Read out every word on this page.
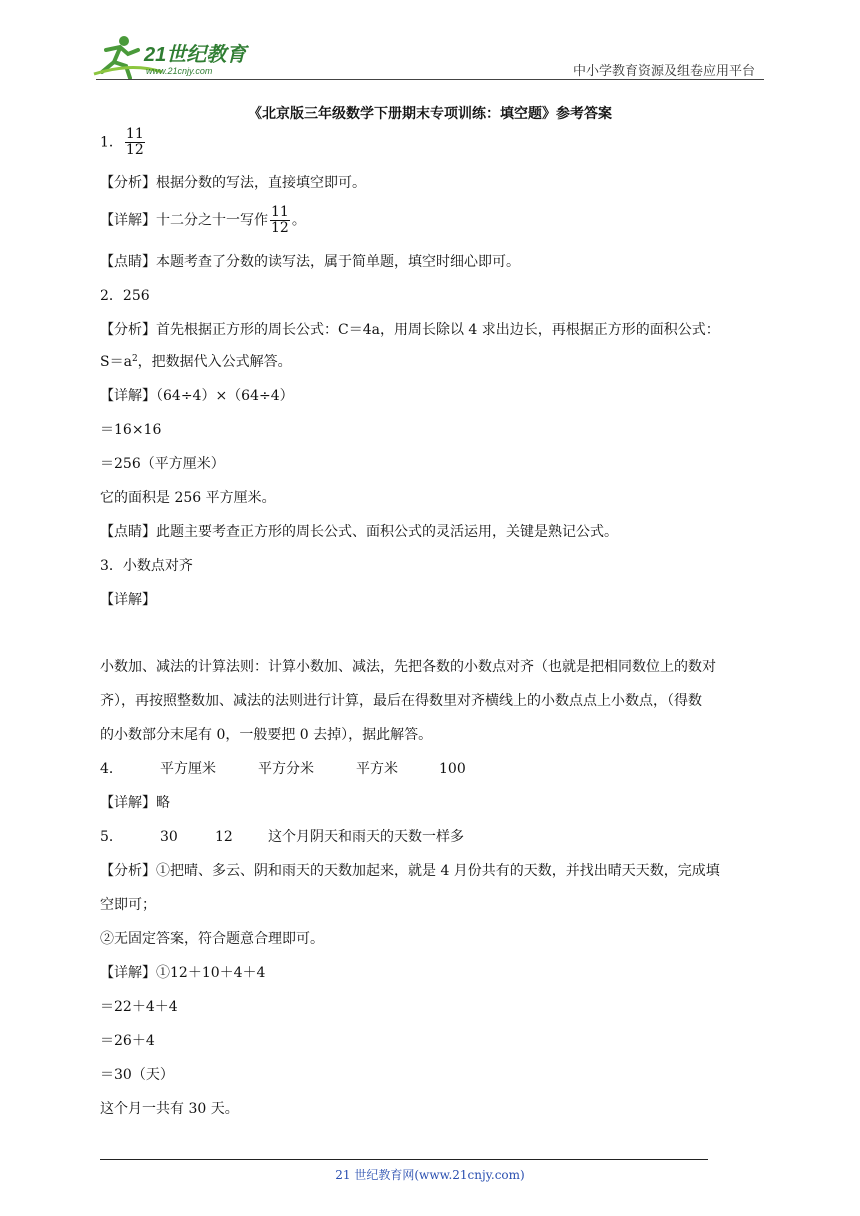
21世纪教育
www.21cnjy.com	中小学教育资源及组卷应用平台
《北京版三年级数学下册期末专项训练：填空题》参考答案
1． $\frac{11}{12}$
【分析】根据分数的写法，直接填空即可。
【详解】十二分之十一写作 $\frac{11}{12}$ 。
【点睛】本题考查了分数的读写法，属于简单题，填空时细心即可。
2．256
【分析】首先根据正方形的周长公式：C＝4a，用周长除以 4 求出边长，再根据正方形的面积公式：
$S=a^2$，把数据代入公式解答。
【详解】（64÷4）×（64÷4）
＝16×16
＝256（平方厘米）
它的面积是 256 平方厘米。
【点睛】此题主要考查正方形的周长公式、面积公式的灵活运用，关键是熟记公式。
3．小数点对齐
【详解】
小数加、减法的计算法则：计算小数加、减法，先把各数的小数点对齐（也就是把相同数位上的数对
齐），再按照整数加、减法的法则进行计算，最后在得数里对齐横线上的小数点点上小数点，（得数
的小数部分末尾有 0，一般要把 0 去掉），据此解答。
4．	平方厘米	平方分米	平方米	100
【详解】略
5．	30	12	这个月阴天和雨天的天数一样多
【分析】①把晴、多云、阴和雨天的天数加起来，就是 4 月份共有的天数，并找出晴天天数，完成填
空即可；
②无固定答案，符合题意合理即可。
【详解】①12＋10＋4＋4
＝22＋4＋4
＝26＋4
＝30（天）
这个月一共有 30 天。
21 世纪教育网(www.21cnjy.com)
